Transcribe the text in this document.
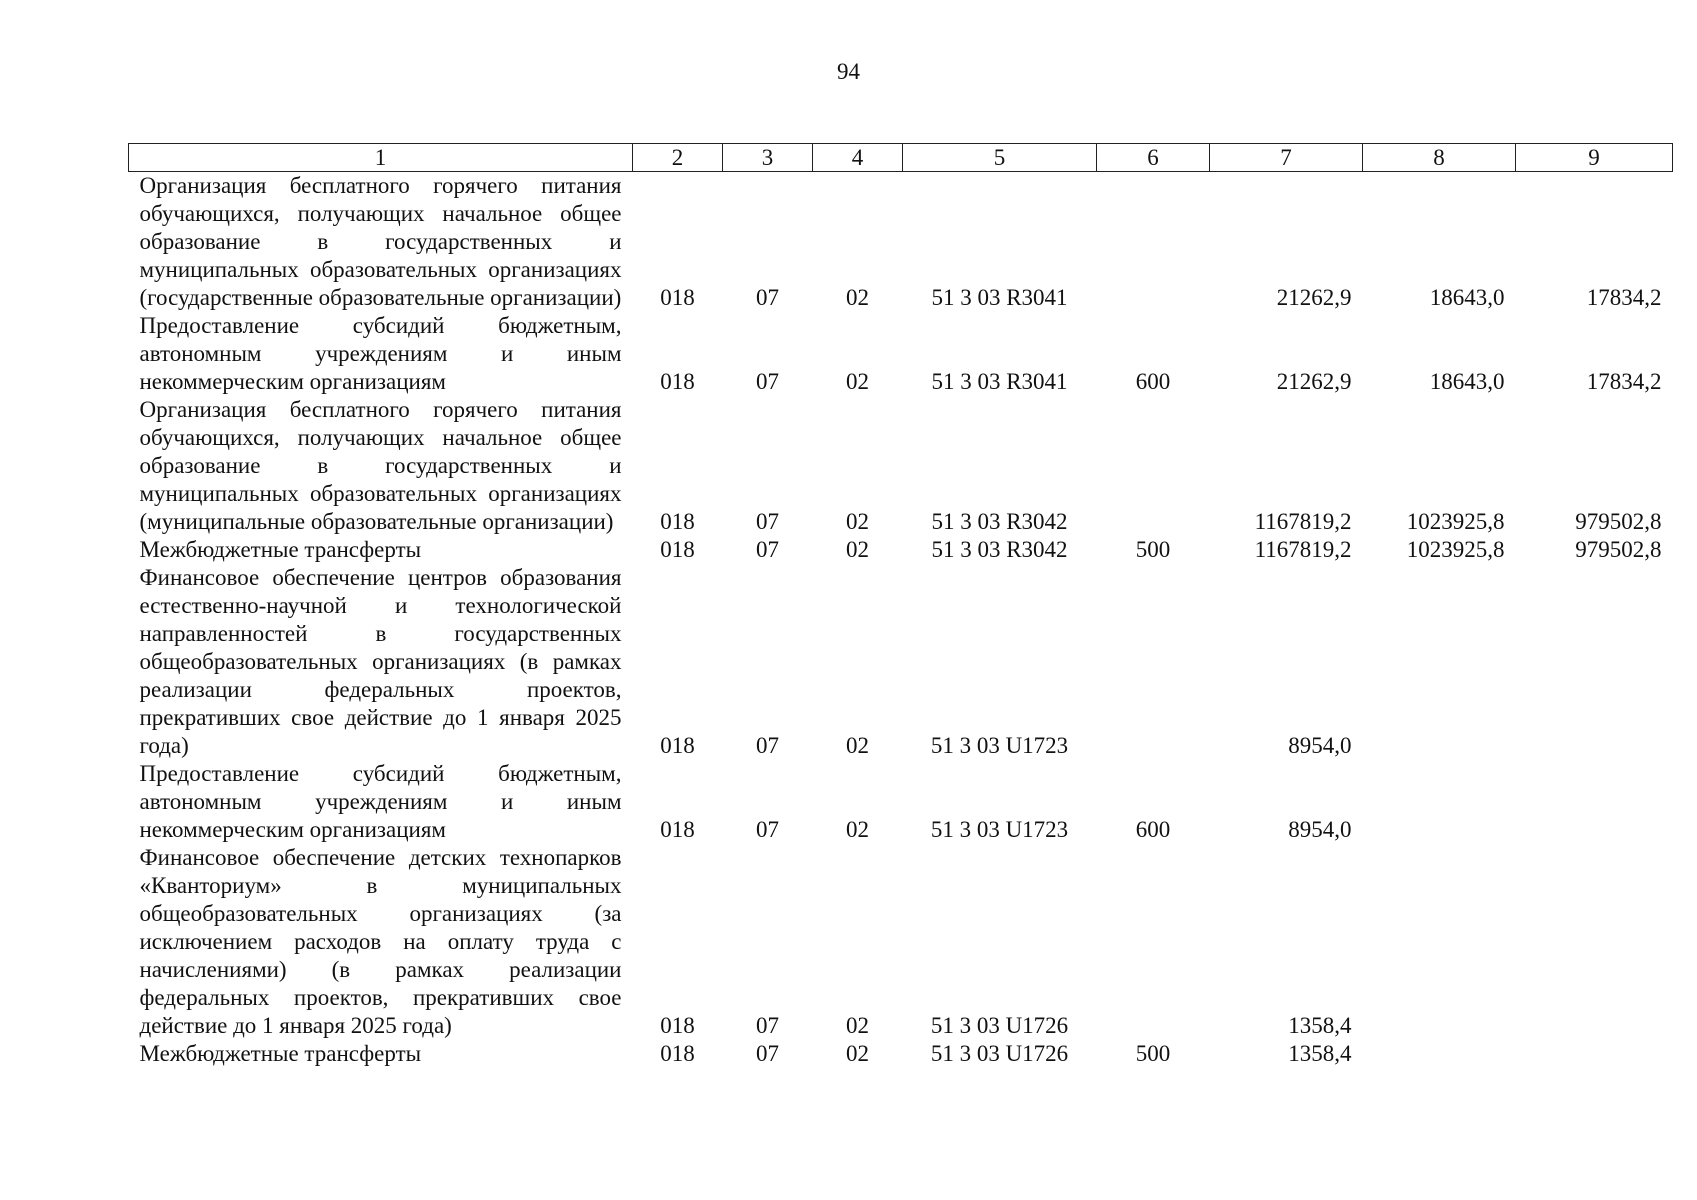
94
1	2	3	4	5	6	7	8	9
Организация бесплатного горячего питания обучающихся, получающих начальное общее образование в государственных и муниципальных образовательных организациях (государственные образовательные организации)	018	07	02	51 3 03 R3041		21262,9	18643,0	17834,2
Предоставление субсидий бюджетным, автономным учреждениям и иным некоммерческим организациям	018	07	02	51 3 03 R3041	600	21262,9	18643,0	17834,2
Организация бесплатного горячего питания обучающихся, получающих начальное общее образование в государственных и муниципальных образовательных организациях (муниципальные образовательные организации)	018	07	02	51 3 03 R3042		1167819,2	1023925,8	979502,8
Межбюджетные трансферты	018	07	02	51 3 03 R3042	500	1167819,2	1023925,8	979502,8
Финансовое обеспечение центров образования естественно-научной и технологической направленностей в государственных общеобразовательных организациях (в рамках реализации федеральных проектов, прекративших свое действие до 1 января 2025 года)	018	07	02	51 3 03 U1723		8954,0		
Предоставление субсидий бюджетным, автономным учреждениям и иным некоммерческим организациям	018	07	02	51 3 03 U1723	600	8954,0		
Финансовое обеспечение детских технопарков «Кванториум» в муниципальных общеобразовательных организациях (за исключением расходов на оплату труда с начислениями) (в рамках реализации федеральных проектов, прекративших свое действие до 1 января 2025 года)	018	07	02	51 3 03 U1726		1358,4		
Межбюджетные трансферты	018	07	02	51 3 03 U1726	500	1358,4		
